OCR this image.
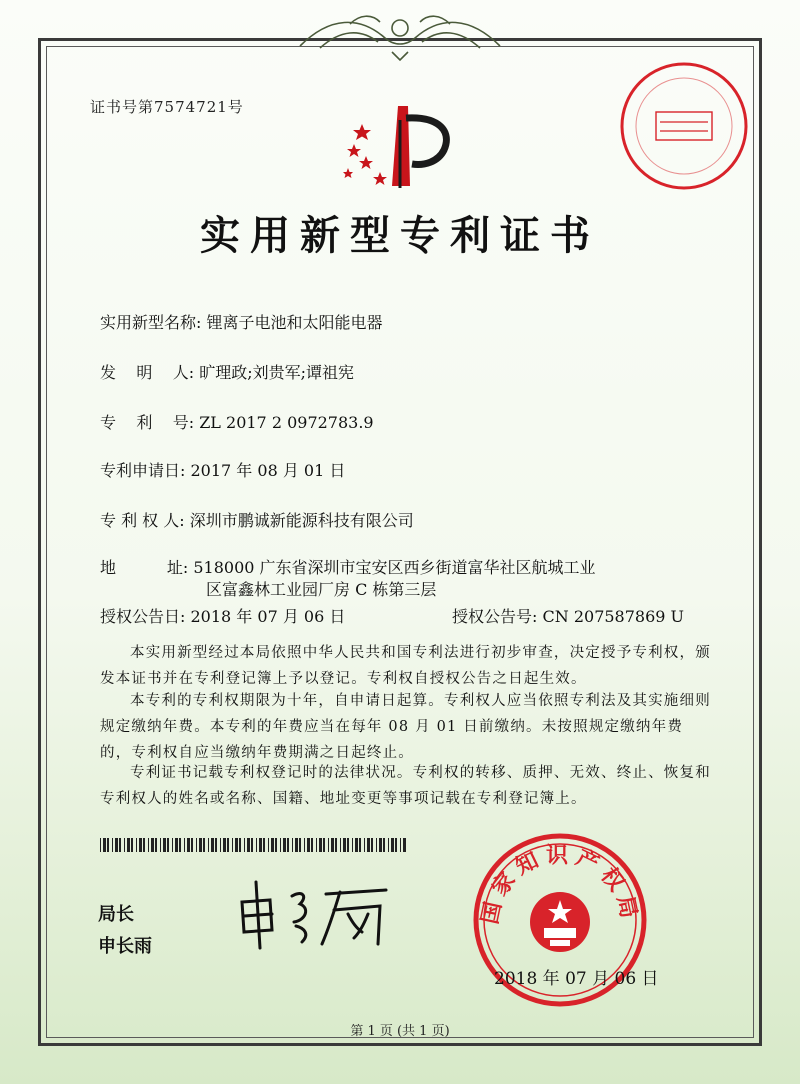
证书号第7574721号
实用新型专利证书
实用新型名称: 锂离子电池和太阳能电器
发    明    人: 旷理政;刘贵军;谭祖宪
专    利    号: ZL 2017 2 0972783.9
专利申请日: 2017 年 08 月 01 日
专 利 权 人: 深圳市鹏诚新能源科技有限公司
地          址: 518000 广东省深圳市宝安区西乡街道富华社区航城工业
区富鑫林工业园厂房 C 栋第三层
授权公告日: 2018 年 07 月 06 日	授权公告号: CN 207587869 U
本实用新型经过本局依照中华人民共和国专利法进行初步审查，决定授予专利权，颁发本证书并在专利登记簿上予以登记。专利权自授权公告之日起生效。
本专利的专利权期限为十年，自申请日起算。专利权人应当依照专利法及其实施细则规定缴纳年费。本专利的年费应当在每年 08 月 01 日前缴纳。未按照规定缴纳年费的，专利权自应当缴纳年费期满之日起终止。
专利证书记载专利权登记时的法律状况。专利权的转移、质押、无效、终止、恢复和专利权人的姓名或名称、国籍、地址变更等事项记载在专利登记簿上。
局长
申长雨
国家知识产权局
2018 年 07 月 06 日
第 1 页 (共 1 页)
